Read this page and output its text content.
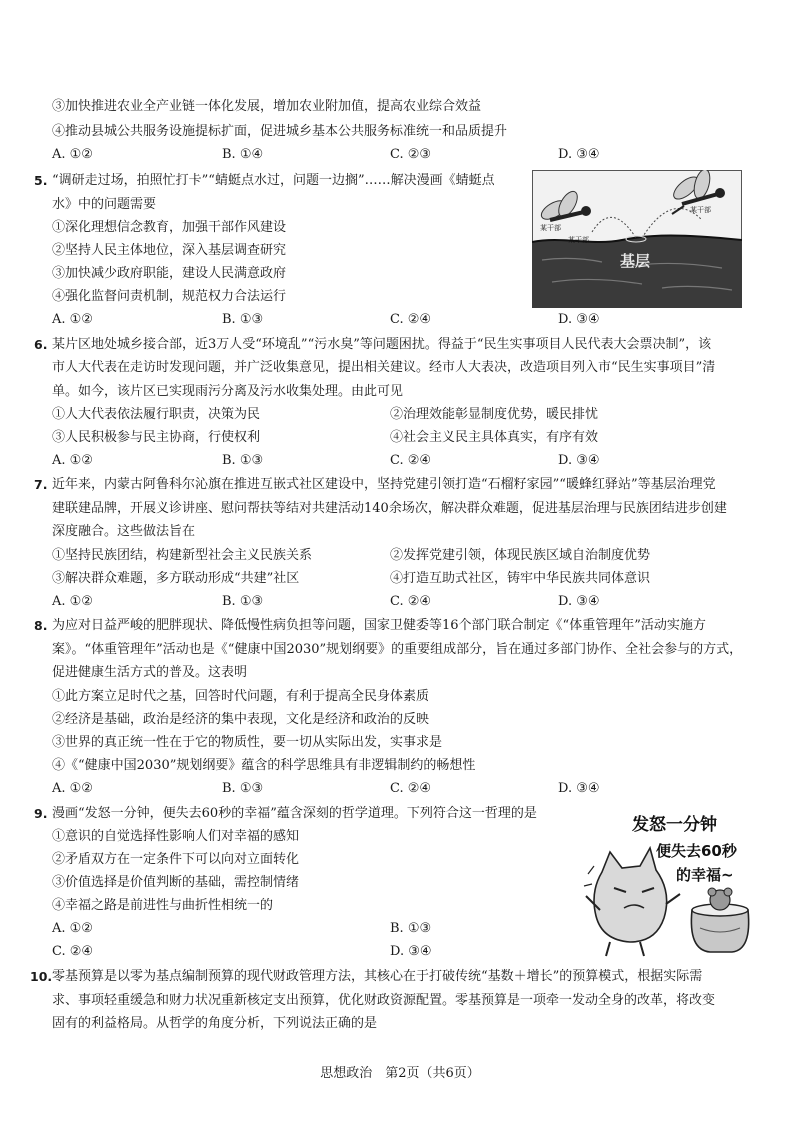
③加快推进农业全产业链一体化发展，增加农业附加值，提高农业综合效益
④推动县城公共服务设施提标扩面，促进城乡基本公共服务标准统一和品质提升
A. ①②	B. ①④	C. ②③	D. ③④
5. “调研走过场，拍照忙打卡”“蜻蜓点水过，问题一边搁”……解决漫画《蜻蜓点
水》中的问题需要
①深化理想信念教育，加强干部作风建设
②坚持人民主体地位，深入基层调查研究
③加快减少政府职能，建设人民满意政府
④强化监督问责机制，规范权力合法运行
A. ①②	B. ①③	C. ②④	D. ③④
某干部
某干部
某干部
基层
6. 某片区地处城乡接合部，近3万人受“环境乱”“污水臭”等问题困扰。得益于“民生实事项目人民代表大会票决制”，该
市人大代表在走访时发现问题，并广泛收集意见，提出相关建议。经市人大表决，改造项目列入市“民生实事项目”清
单。如今，该片区已实现雨污分离及污水收集处理。由此可见
①人大代表依法履行职责，决策为民	②治理效能彰显制度优势，暖民排忧
③人民积极参与民主协商，行使权利	④社会主义民主具体真实，有序有效
A. ①②	B. ①③	C. ②④	D. ③④
7. 近年来，内蒙古阿鲁科尔沁旗在推进互嵌式社区建设中，坚持党建引领打造“石榴籽家园”“暖蜂红驿站”等基层治理党
建联建品牌，开展义诊讲座、慰问帮扶等结对共建活动140余场次，解决群众难题，促进基层治理与民族团结进步创建
深度融合。这些做法旨在
①坚持民族团结，构建新型社会主义民族关系	②发挥党建引领，体现民族区域自治制度优势
③解决群众难题，多方联动形成“共建”社区	④打造互助式社区，铸牢中华民族共同体意识
A. ①②	B. ①③	C. ②④	D. ③④
8. 为应对日益严峻的肥胖现状、降低慢性病负担等问题，国家卫健委等16个部门联合制定《“体重管理年”活动实施方
案》。“体重管理年”活动也是《“健康中国2030”规划纲要》的重要组成部分，旨在通过多部门协作、全社会参与的方式，
促进健康生活方式的普及。这表明
①此方案立足时代之基，回答时代问题，有利于提高全民身体素质
②经济是基础，政治是经济的集中表现，文化是经济和政治的反映
③世界的真正统一性在于它的物质性，要一切从实际出发，实事求是
④《“健康中国2030”规划纲要》蕴含的科学思维具有非逻辑制约的畅想性
A. ①②	B. ①③	C. ②④	D. ③④
9. 漫画“发怒一分钟，便失去60秒的幸福”蕴含深刻的哲学道理。下列符合这一哲理的是
①意识的自觉选择性影响人们对幸福的感知
②矛盾双方在一定条件下可以向对立面转化
③价值选择是价值判断的基础，需控制情绪
④幸福之路是前进性与曲折性相统一的
A. ①②	B. ①③
C. ②④	D. ③④
发怒一分钟
便失去60秒
的幸福~
10. 零基预算是以零为基点编制预算的现代财政管理方法，其核心在于打破传统“基数＋增长”的预算模式，根据实际需
求、事项轻重缓急和财力状况重新核定支出预算，优化财政资源配置。零基预算是一项牵一发动全身的改革，将改变
固有的利益格局。从哲学的角度分析，下列说法正确的是
思想政治　第2页（共6页）
